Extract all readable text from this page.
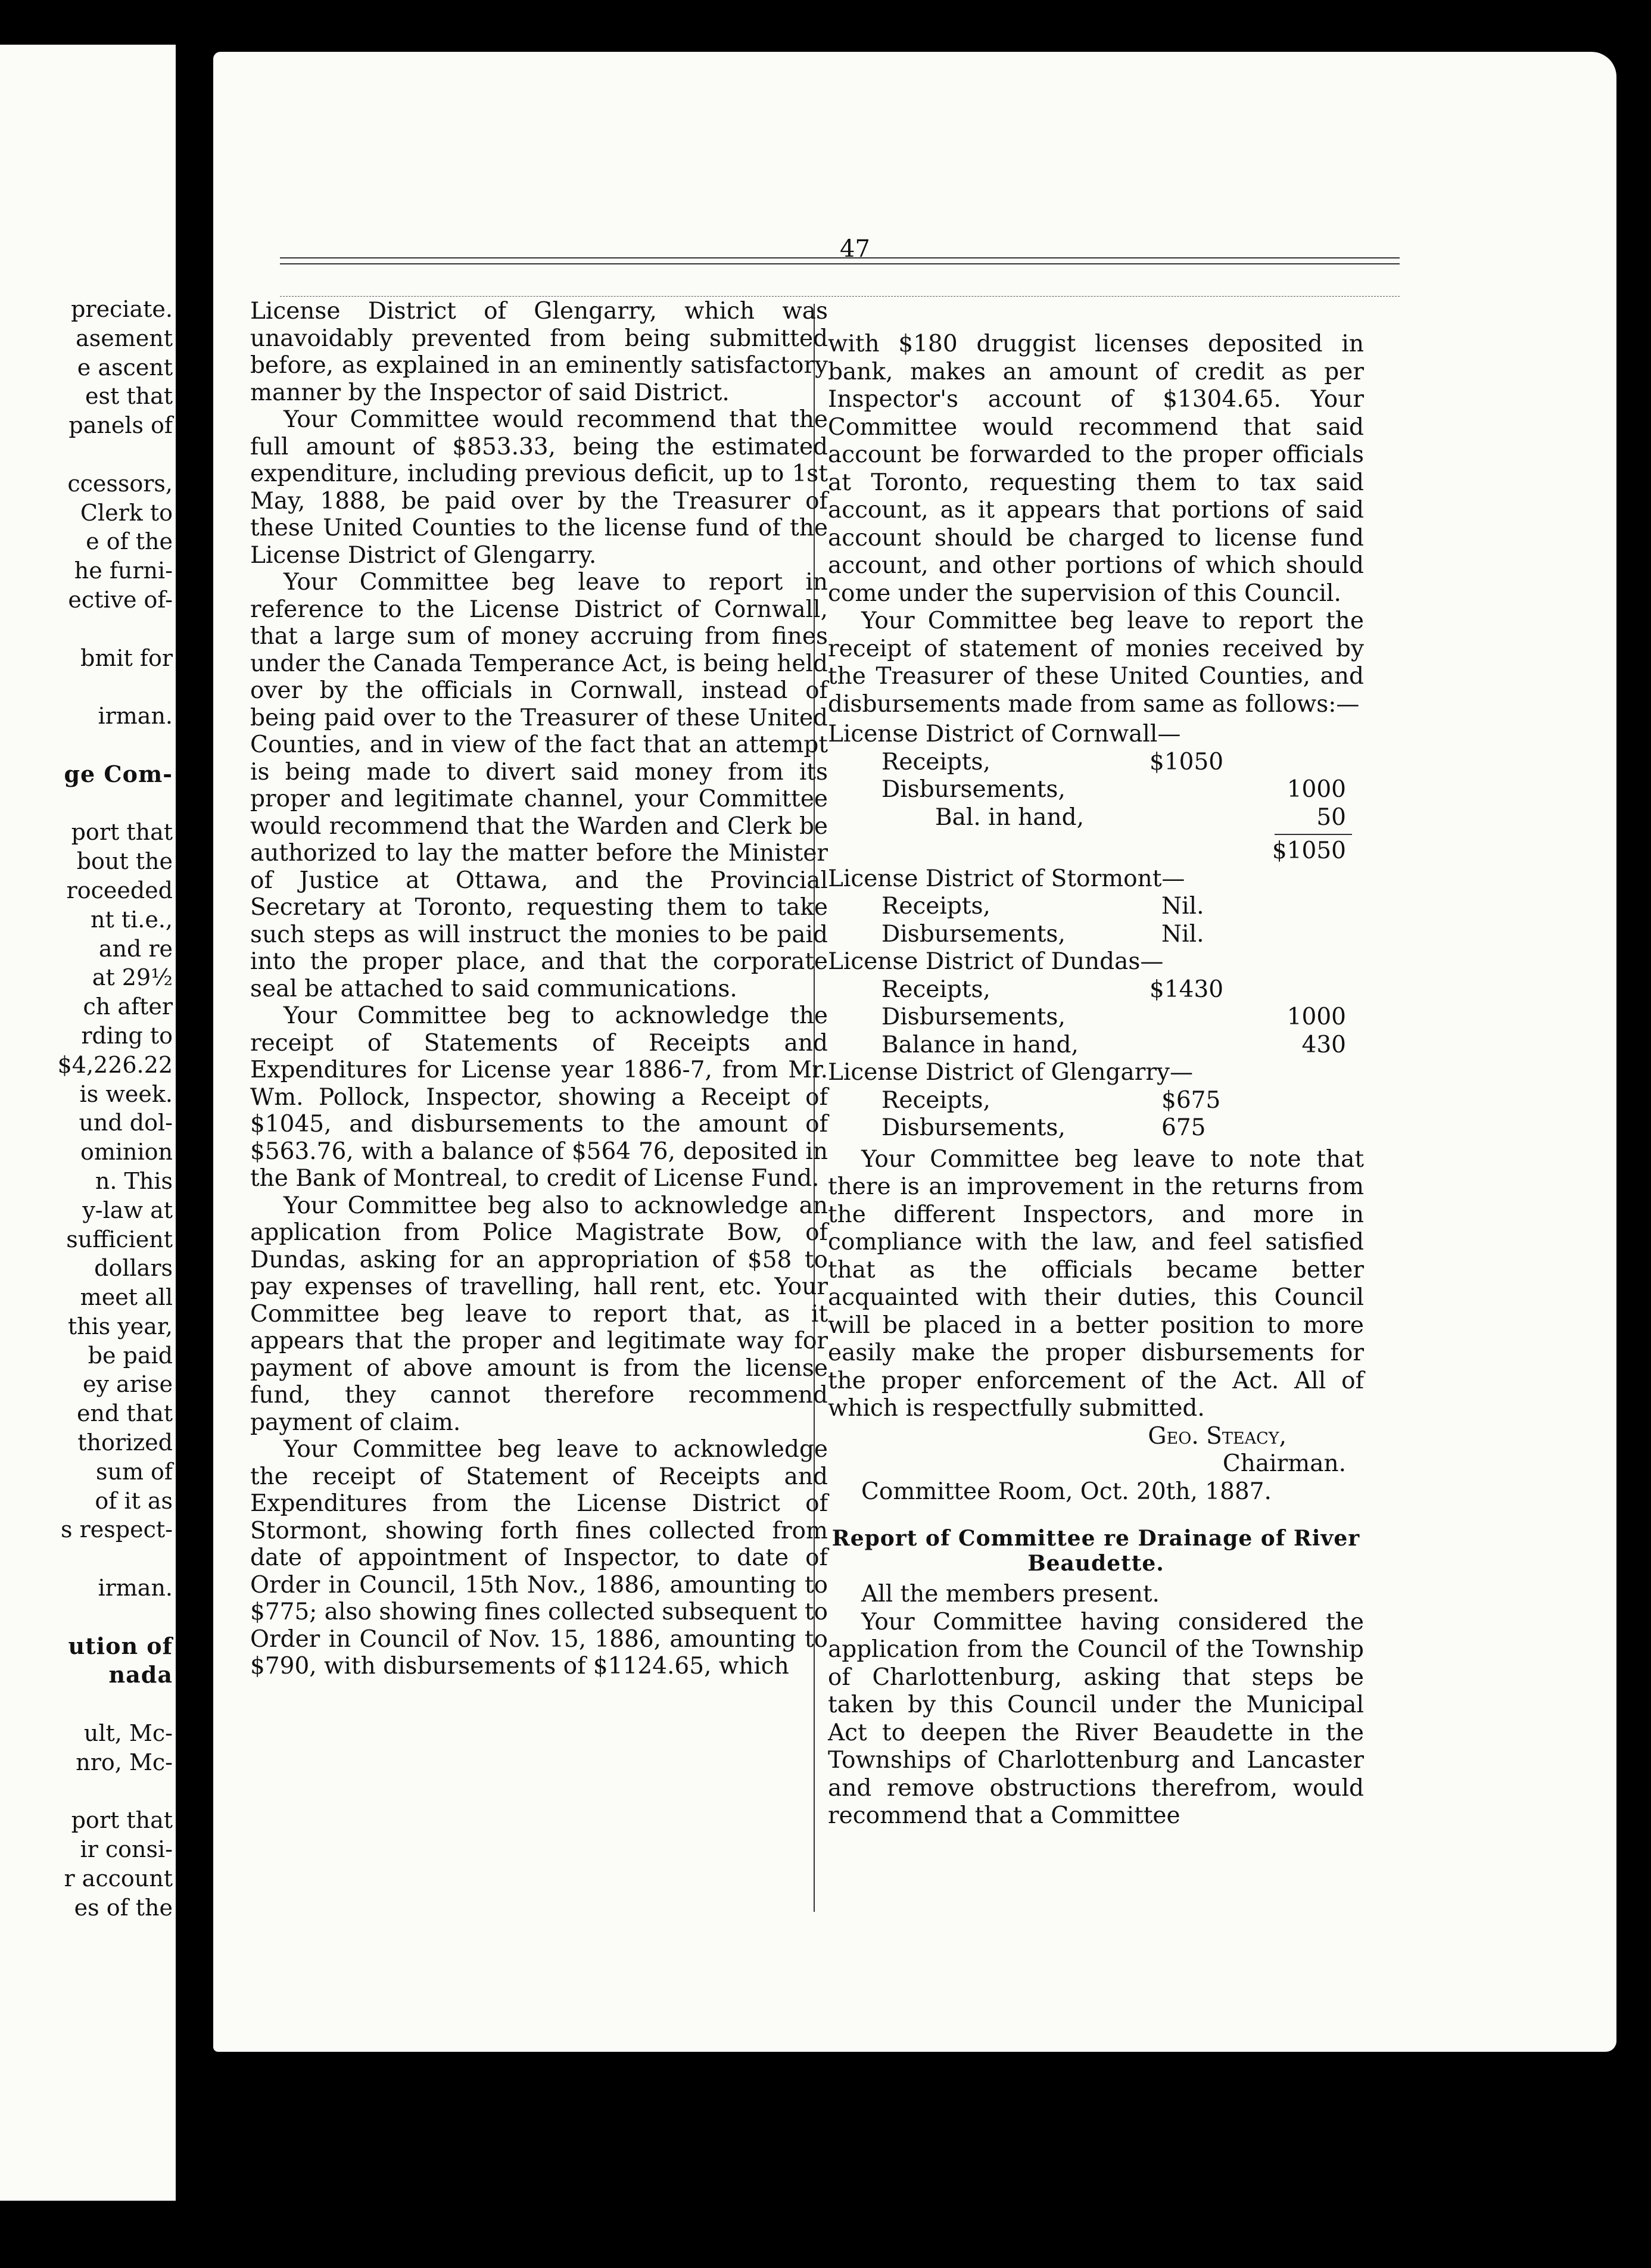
preciate.
asement
e ascent
est that
panels of
ccessors,
Clerk to
e of the
he furni-
ective of-
bmit for
irman.
ge Com-
port that
bout the
roceeded
nt ti.e.,
and re
at 29½
ch after
rding to
$4,226.22
is week.
und dol-
ominion
n. This
y-law at
sufficient
dollars
meet all
this year,
be paid
ey arise
end that
thorized
sum of
of it as
s respect-
irman.
ution of
nada
ult, Mc-
nro, Mc-
port that
ir consi-
r account
es of the
47

License District of Glengarry, which was unavoidably prevented from being submitted before, as explained in an eminently satisfactory manner by the Inspector of said District.

Your Committee would recommend that the full amount of $853.33, being the estimated expenditure, including previous deficit, up to 1st May, 1888, be paid over by the Treasurer of these United Counties to the license fund of the License District of Glengarry.

Your Committee beg leave to report in reference to the License District of Cornwall, that a large sum of money accruing from fines under the Canada Temperance Act, is being held over by the officials in Cornwall, instead of being paid over to the Treasurer of these United Counties, and in view of the fact that an attempt is being made to divert said money from its proper and legitimate channel, your Committee would recommend that the Warden and Clerk be authorized to lay the matter before the Minister of Justice at Ottawa, and the Provincial Secretary at Toronto, requesting them to take such steps as will instruct the monies to be paid into the proper place, and that the corporate seal be attached to said communications.

Your Committee beg to acknowledge the receipt of Statements of Receipts and Expenditures for License year 1886-7, from Mr. Wm. Pollock, Inspector, showing a Receipt of $1045, and disbursements to the amount of $563.76, with a balance of $564 76, deposited in the Bank of Montreal, to credit of License Fund.

Your Committee beg also to acknowledge an application from Police Magistrate Bow, of Dundas, asking for an appropriation of $58 to pay expenses of travelling, hall rent, etc. Your Committee beg leave to report that, as it appears that the proper and legitimate way for payment of above amount is from the license fund, they cannot therefore recommend payment of claim.

Your Committee beg leave to acknowledge the receipt of Statement of Receipts and Expenditures from the License District of Stormont, showing forth fines collected from date of appointment of Inspector, to date of Order in Council, 15th Nov., 1886, amounting to $775; also showing fines collected subsequent to Order in Council of Nov. 15, 1886, amounting to $790, with disbursements of $1124.65, which

with $180 druggist licenses deposited in bank, makes an amount of credit as per Inspector's account of $1304.65. Your Committee would recommend that said account be forwarded to the proper officials at Toronto, requesting them to tax said account, as it appears that portions of said account should be charged to license fund account, and other portions of which should come under the supervision of this Council.

Your Committee beg leave to report the receipt of statement of monies received by the Treasurer of these United Counties, and disbursements made from same as follows:—

License District of Cornwall—
Receipts,	$1050
Disbursements,	1000
Bal. in hand,	50
$1050
License District of Stormont—
Receipts,	Nil.
Disbursements,	Nil.
License District of Dundas—
Receipts,	$1430
Disbursements,	1000
Balance in hand,	430
License District of Glengarry—
Receipts,	$675
Disbursements,	675

Your Committee beg leave to note that there is an improvement in the returns from the different Inspectors, and more in compliance with the law, and feel satisfied that as the officials became better acquainted with their duties, this Council will be placed in a better position to more easily make the proper disbursements for the proper enforcement of the Act. All of which is respectfully submitted.

Geo. Steacy,

Chairman.

Committee Room, Oct. 20th, 1887.

Report of Committee re Drainage of River Beaudette.

All the members present.

Your Committee having considered the application from the Council of the Township of Charlottenburg, asking that steps be taken by this Council under the Municipal Act to deepen the River Beaudette in the Townships of Charlottenburg and Lancaster and remove obstructions therefrom, would recommend that a Committee
